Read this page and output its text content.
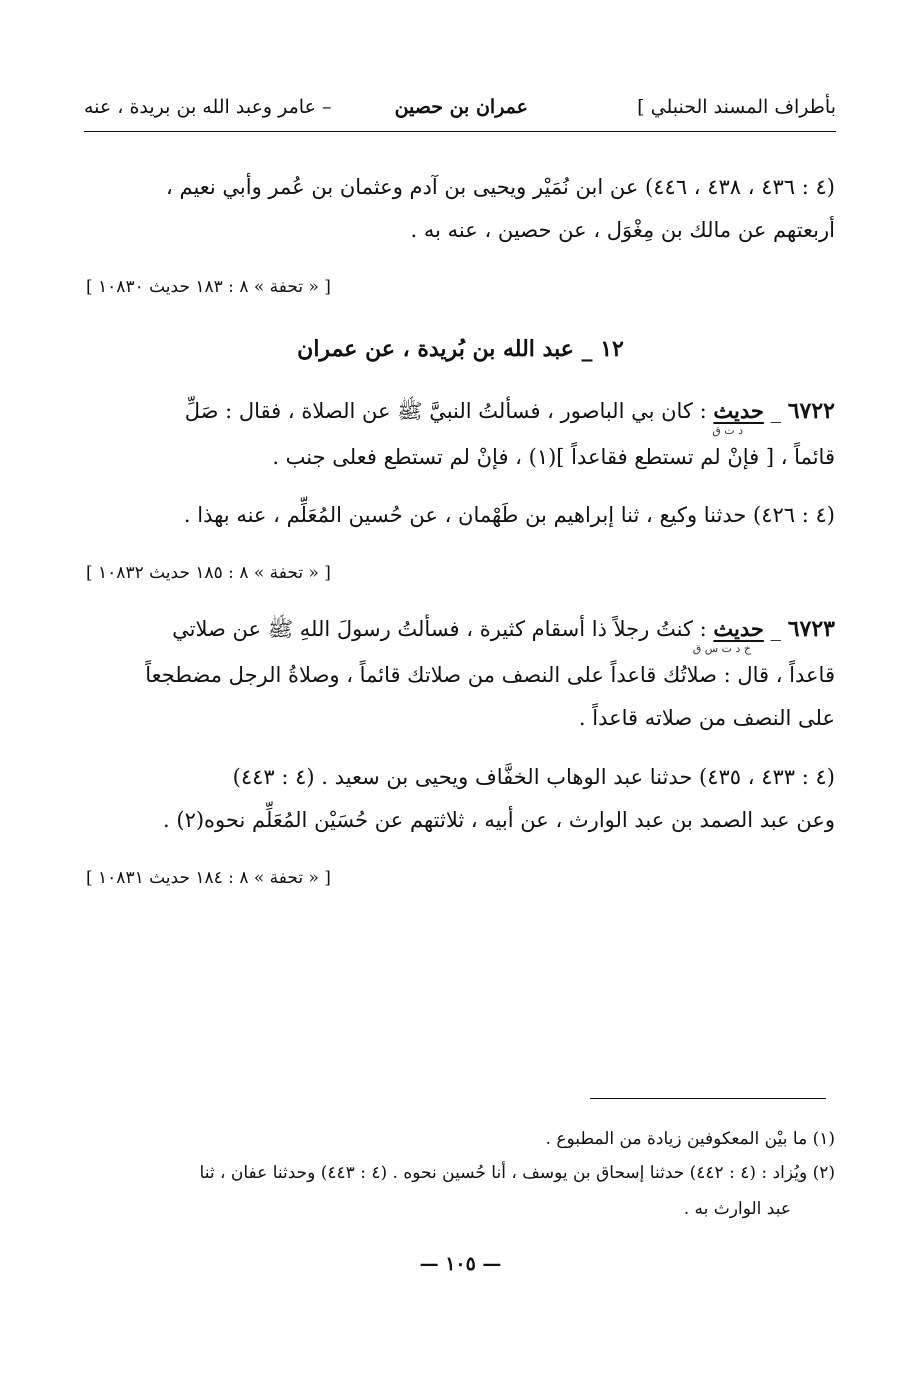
بأطراف المسند الحنبلي ]
عمران بن حصين
– عامر وعبد الله بن بريدة ، عنه
(٤ : ٤٣٦ ، ٤٣٨ ، ٤٤٦) عن ابن نُمَيْر ويحيى بن آدم وعثمان بن عُمر وأبي نعيم ،
أربعتهم عن مالك بن مِغْوَل ، عن حصين ، عنه به .
[ « تحفة » ٨ : ١٨٣ حديث ١٠٨٣٠ ]
١٢ _ عبد الله بن بُريدة ، عن عمران
٦٧٢٢ _ حديث : كان بي الباصور ، فسألتُ النبيَّ ﷺ عن الصلاة ، فقال : صَلِّ
د ت ق
قائماً ، [ فإنْ لم تستطع فقاعداً ](١) ، فإنْ لم تستطع فعلى جنب .
(٤ : ٤٢٦) حدثنا وكيع ، ثنا إبراهيم بن طَهْمان ، عن حُسين المُعَلِّم ، عنه بهذا .
[ « تحفة » ٨ : ١٨٥ حديث ١٠٨٣٢ ]
٦٧٢٣ _ حديث : كنتُ رجلاً ذا أسقام كثيرة ، فسألتُ رسولَ اللهِ ﷺ عن صلاتي
خ د ت س ق
قاعداً ، قال : صلاتُك قاعداً على النصف من صلاتك قائماً ، وصلاةُ الرجل مضطجعاً
على النصف من صلاته قاعداً .
(٤ : ٤٣٣ ، ٤٣٥) حدثنا عبد الوهاب الخفَّاف ويحيى بن سعيد . (٤ : ٤٤٣)
وعن عبد الصمد بن عبد الوارث ، عن أبيه ، ثلاثتهم عن حُسَيْن المُعَلِّم نحوه(٢) .
[ « تحفة » ٨ : ١٨٤ حديث ١٠٨٣١ ]
(١) ما بيْن المعكوفين زيادة من المطبوع .
(٢) ويُزاد : (٤ : ٤٤٢) حدثنا إسحاق بن يوسف ، أنا حُسين نحوه . (٤ : ٤٤٣) وحدثنا عفان ، ثنا
عبد الوارث به .
— ١٠٥ —
